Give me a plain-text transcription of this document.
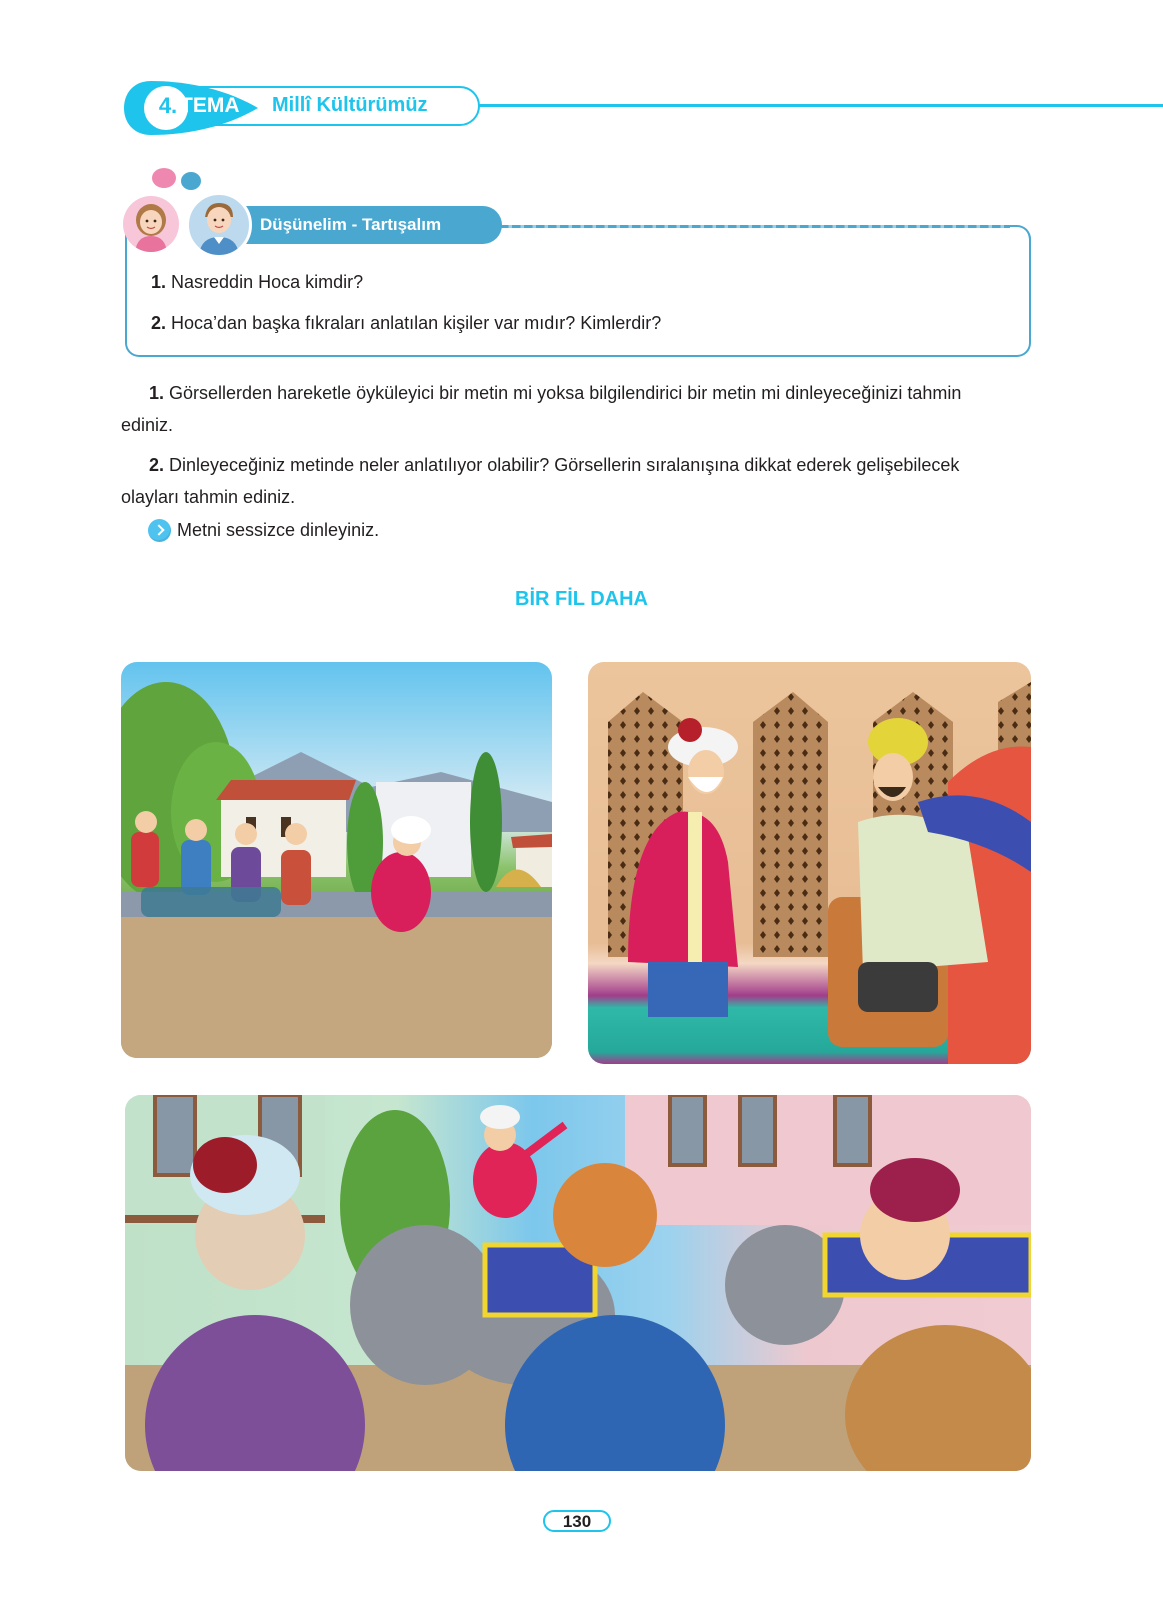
4. TEMA Millî Kültürümüz
Düşünelim - Tartışalım
1. Nasreddin Hoca kimdir?
2. Hoca’dan başka fıkraları anlatılan kişiler var mıdır? Kimlerdir?
1. Görsellerden hareketle öyküleyici bir metin mi yoksa bilgilendirici bir metin mi dinleyeceğinizi tahmin ediniz.
2. Dinleyeceğiniz metinde neler anlatılıyor olabilir? Görsellerin sıralanışına dikkat ederek gelişebilecek olayları tahmin ediniz.
Metni sessizce dinleyiniz.
BİR FİL DAHA
130
